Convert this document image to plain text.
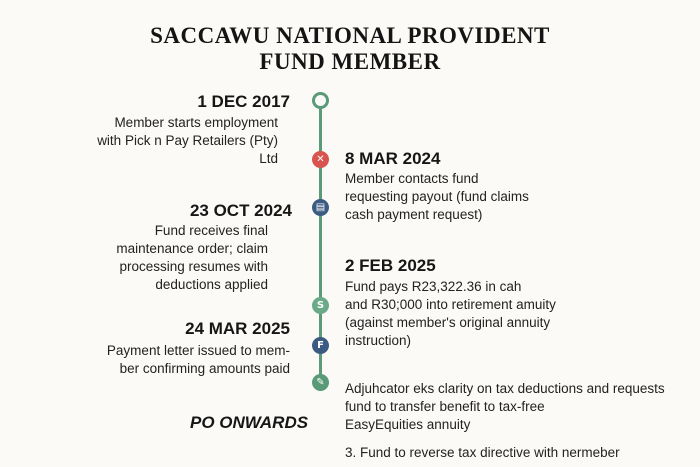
SACCAWU NATIONAL PROVIDENT
FUND MEMBER
✕
▤
S
F
✎
1 DEC 2017
Member starts employment
with Pick n Pay Retailers (Pty)
Ltd	8 MAR 2024
Member contacts fund
requesting payout (fund claims
cash payment request)
23 OCT 2024
Fund receives final
maintenance order; claim
processing resumes with
deductions applied
2 FEB 2025
Fund pays R23,322.36 in cah
and R30;000 into retirement amuity
(against member's original annuity
instruction)
24 MAR 2025
Payment letter issued to mem-
ber confirming amounts paid
PO ONWARDS
Adjuhcator eks clarity on tax deductions and requests
fund to transfer benefit to tax-free
EasyEquities annuity
3. Fund to reverse tax directive with nermeber
